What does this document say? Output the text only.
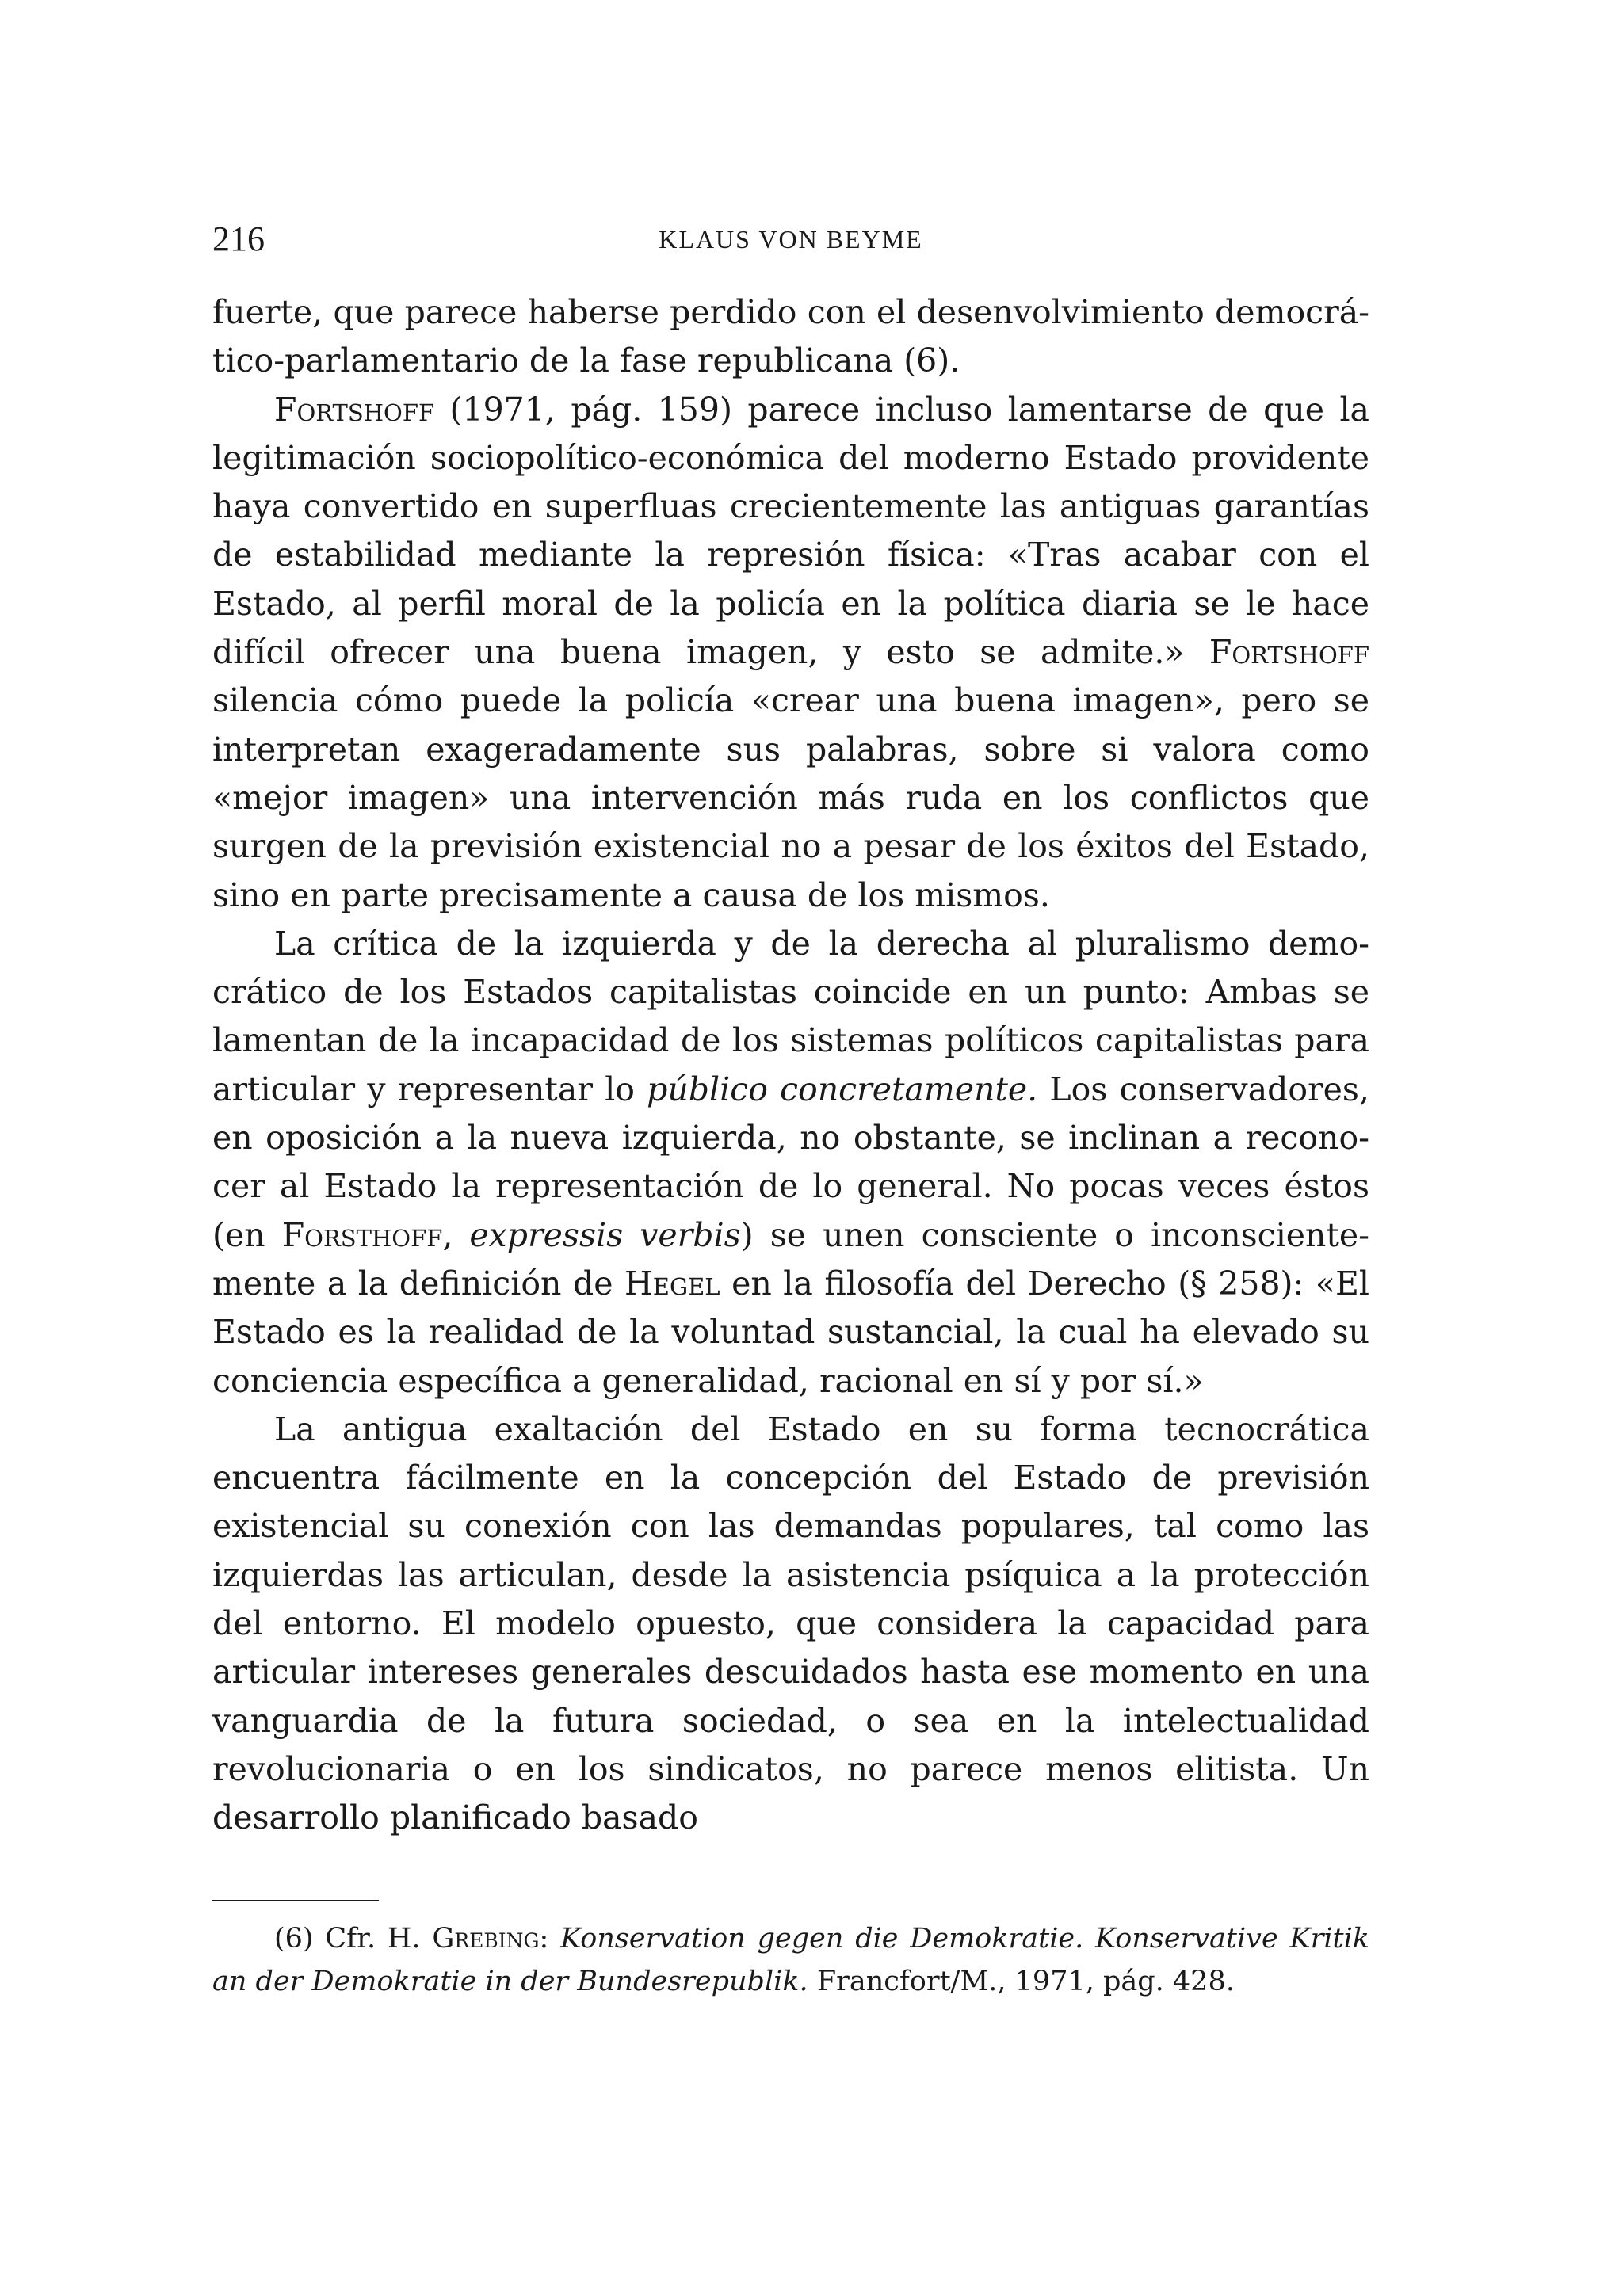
216	KLAUS VON BEYME

fuerte, que parece haberse perdido con el desenvolvimiento democrático-parlamentario de la fase republicana (6).

Fortshoff (1971, pág. 159) parece incluso lamentarse de que la legitimación sociopolítico-económica del moderno Estado providente haya convertido en superfluas crecientemente las antiguas garantías de estabilidad mediante la represión física: «Tras acabar con el Estado, al perfil moral de la policía en la política diaria se le hace difícil ofrecer una buena imagen, y esto se admite.» Fortshoff silencia cómo puede la policía «crear una buena imagen», pero se interpretan exageradamente sus palabras, sobre si valora como «mejor imagen» una intervención más ruda en los conflictos que surgen de la previsión existencial no a pesar de los éxitos del Estado, sino en parte precisamente a causa de los mismos.

La crítica de la izquierda y de la derecha al pluralismo democrático de los Estados capitalistas coincide en un punto: Ambas se lamentan de la incapacidad de los sistemas políticos capitalistas para articular y representar lo público concretamente. Los conservadores, en oposición a la nueva izquierda, no obstante, se inclinan a reconocer al Estado la representación de lo general. No pocas veces éstos (en Forsthoff, expressis verbis) se unen consciente o inconscientemente a la definición de Hegel en la filosofía del Derecho (§ 258): «El Estado es la realidad de la voluntad sustancial, la cual ha elevado su conciencia específica a generalidad, racional en sí y por sí.»

La antigua exaltación del Estado en su forma tecnocrática encuentra fácilmente en la concepción del Estado de previsión existencial su conexión con las demandas populares, tal como las izquierdas las articulan, desde la asistencia psíquica a la protección del entorno. El modelo opuesto, que considera la capacidad para articular intereses generales descuidados hasta ese momento en una vanguardia de la futura sociedad, o sea en la intelectualidad revolucionaria o en los sindicatos, no parece menos elitista. Un desarrollo planificado basado

(6) Cfr. H. Grebing: Konservation gegen die Demokratie. Konservative Kritik an der Demokratie in der Bundesrepublik. Francfort/M., 1971, pág. 428.
